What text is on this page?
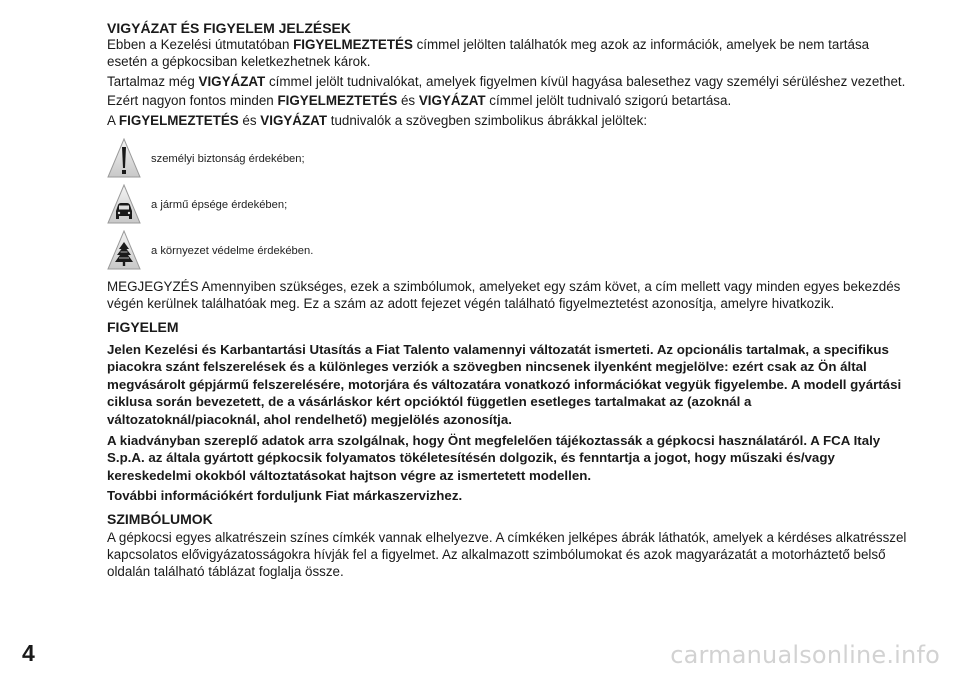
VIGYÁZAT ÉS FIGYELEM JELZÉSEK

Ebben a Kezelési útmutatóban FIGYELMEZTETÉS címmel jelölten találhatók meg azok az információk, amelyek be nem tartása esetén a gépkocsiban keletkezhetnek károk.

Tartalmaz még VIGYÁZAT címmel jelölt tudnivalókat, amelyek figyelmen kívül hagyása balesethez vagy személyi sérüléshez vezethet.

Ezért nagyon fontos minden FIGYELMEZTETÉS és VIGYÁZAT címmel jelölt tudnivaló szigorú betartása.

A FIGYELMEZTETÉS és VIGYÁZAT tudnivalók a szövegben szimbolikus ábrákkal jelöltek:

személyi biztonság érdekében;
a jármű épsége érdekében;
a környezet védelme érdekében.

MEGJEGYZÉS Amennyiben szükséges, ezek a szimbólumok, amelyeket egy szám követ, a cím mellett vagy minden egyes bekezdés végén kerülnek találhatóak meg. Ez a szám az adott fejezet végén található figyelmeztetést azonosítja, amelyre hivatkozik.

FIGYELEM

Jelen Kezelési és Karbantartási Utasítás a Fiat Talento valamennyi változatát ismerteti. Az opcionális tartalmak, a specifikus piacokra szánt felszerelések és a különleges verziók a szövegben nincsenek ilyenként megjelölve: ezért csak az Ön által megvásárolt gépjármű felszerelésére, motorjára és változatára vonatkozó információkat vegyük figyelembe. A modell gyártási ciklusa során bevezetett, de a vásárláskor kért opcióktól független esetleges tartalmakat az (azoknál a változatoknál/piacoknál, ahol rendelhető) megjelölés azonosítja.

A kiadványban szereplő adatok arra szolgálnak, hogy Önt megfelelően tájékoztassák a gépkocsi használatáról. A FCA Italy S.p.A. az általa gyártott gépkocsik folyamatos tökéletesítésén dolgozik, és fenntartja a jogot, hogy műszaki és/vagy kereskedelmi okokból változtatásokat hajtson végre az ismertetett modellen.

További információkért forduljunk Fiat márkaszervizhez.

SZIMBÓLUMOK

A gépkocsi egyes alkatrészein színes címkék vannak elhelyezve. A címkéken jelképes ábrák láthatók, amelyek a kérdéses alkatrésszel kapcsolatos elővigyázatosságokra hívják fel a figyelmet. Az alkalmazott szimbólumokat és azok magyarázatát a motorháztető belső oldalán található táblázat foglalja össze.

4	carmanualsonline.info
